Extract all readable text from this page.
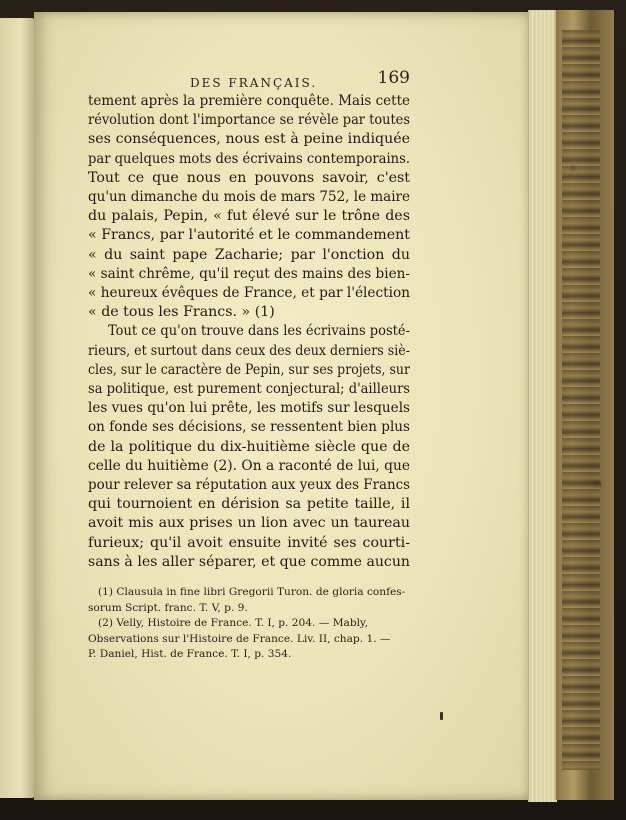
DES FRANÇAIS.	169
tement après la première conquête. Mais cette
révolution dont l'importance se révèle par toutes
ses conséquences, nous est à peine indiquée
par quelques mots des écrivains contemporains.
Tout ce que nous en pouvons savoir, c'est
qu'un dimanche du mois de mars 752, le maire
du palais, Pepin, « fut élevé sur le trône des
« Francs, par l'autorité et le commandement
« du saint pape Zacharie; par l'onction du
« saint chrême, qu'il reçut des mains des bien-
« heureux évêques de France, et par l'élection
« de tous les Francs. » (1)
Tout ce qu'on trouve dans les écrivains posté-
rieurs, et surtout dans ceux des deux derniers siè-
cles, sur le caractère de Pepin, sur ses projets, sur
sa politique, est purement conjectural; d'ailleurs
les vues qu'on lui prête, les motifs sur lesquels
on fonde ses décisions, se ressentent bien plus
de la politique du dix-huitième siècle que de
celle du huitième (2). On a raconté de lui, que
pour relever sa réputation aux yeux des Francs
qui tournoient en dérision sa petite taille, il
avoit mis aux prises un lion avec un taureau
furieux; qu'il avoit ensuite invité ses courti-
sans à les aller séparer, et que comme aucun
(1) Clausula in fine libri Gregorii Turon. de gloria confes-
sorum Script. franc. T. V, p. 9.
(2) Velly, Histoire de France. T. I, p. 204. — Mably,
Observations sur l'Histoire de France. Liv. II, chap. 1. —
P. Daniel, Hist. de France. T. I, p. 354.
